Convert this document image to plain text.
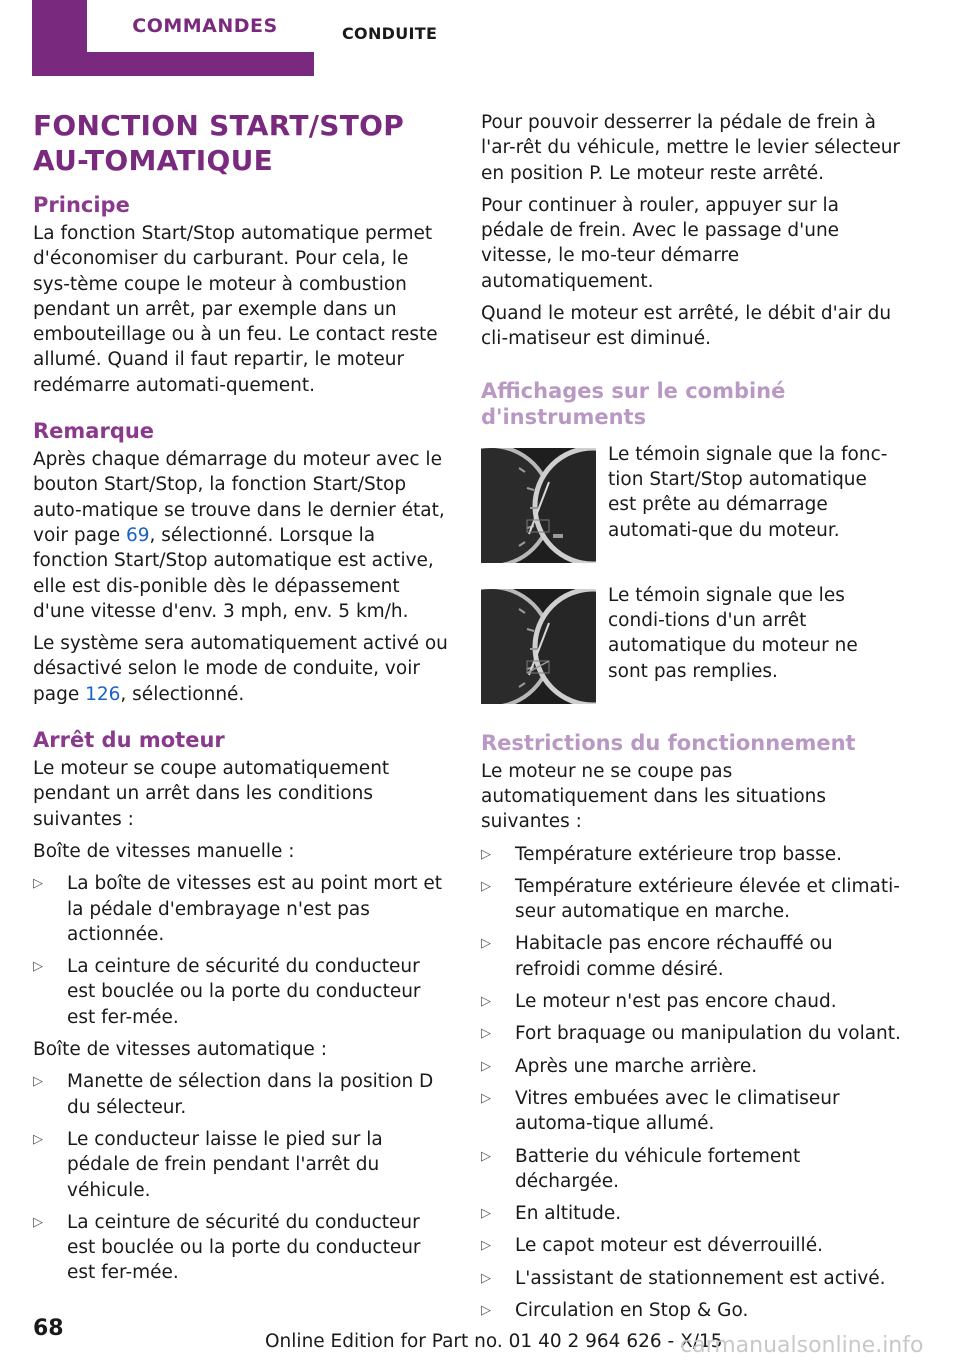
COMMANDES	CONDUITE
FONCTION START/STOP AU-TOMATIQUE
Principe

La fonction Start/Stop automatique permet d'économiser du carburant. Pour cela, le sys-tème coupe le moteur à combustion pendant un arrêt, par exemple dans un embouteillage ou à un feu. Le contact reste allumé. Quand il faut repartir, le moteur redémarre automati-quement.

Remarque

Après chaque démarrage du moteur avec le bouton Start/Stop, la fonction Start/Stop auto-matique se trouve dans le dernier état, voir page 69, sélectionné. Lorsque la fonction Start/Stop automatique est active, elle est dis-ponible dès le dépassement d'une vitesse d'env. 3 mph, env. 5 km/h.

Le système sera automatiquement activé ou désactivé selon le mode de conduite, voir page 126, sélectionné.

Arrêt du moteur

Le moteur se coupe automatiquement pendant un arrêt dans les conditions suivantes :

Boîte de vitesses manuelle :

▷ La boîte de vitesses est au point mort et la pédale d'embrayage n'est pas actionnée.
▷ La ceinture de sécurité du conducteur est bouclée ou la porte du conducteur est fer-mée.

Boîte de vitesses automatique :

▷ Manette de sélection dans la position D du sélecteur.
▷ Le conducteur laisse le pied sur la pédale de frein pendant l'arrêt du véhicule.
▷ La ceinture de sécurité du conducteur est bouclée ou la porte du conducteur est fer-mée.

Pour pouvoir desserrer la pédale de frein à l'ar-rêt du véhicule, mettre le levier sélecteur en position P. Le moteur reste arrêté.

Pour continuer à rouler, appuyer sur la pédale de frein. Avec le passage d'une vitesse, le mo-teur démarre automatiquement.

Quand le moteur est arrêté, le débit d'air du cli-matiseur est diminué.

Affichages sur le combiné d'instruments

Le témoin signale que la fonc-tion Start/Stop automatique est prête au démarrage automati-que du moteur.

Le témoin signale que les condi-tions d'un arrêt automatique du moteur ne sont pas remplies.

Restrictions du fonctionnement

Le moteur ne se coupe pas automatiquement dans les situations suivantes :

▷ Température extérieure trop basse.
▷ Température extérieure élevée et climati-seur automatique en marche.
▷ Habitacle pas encore réchauffé ou refroidi comme désiré.
▷ Le moteur n'est pas encore chaud.
▷ Fort braquage ou manipulation du volant.
▷ Après une marche arrière.
▷ Vitres embuées avec le climatiseur automa-tique allumé.
▷ Batterie du véhicule fortement déchargée.
▷ En altitude.
▷ Le capot moteur est déverrouillé.
▷ L'assistant de stationnement est activé.
▷ Circulation en Stop & Go.
68
Online Edition for Part no. 01 40 2 964 626 - X/15
carmanualsonline.info
